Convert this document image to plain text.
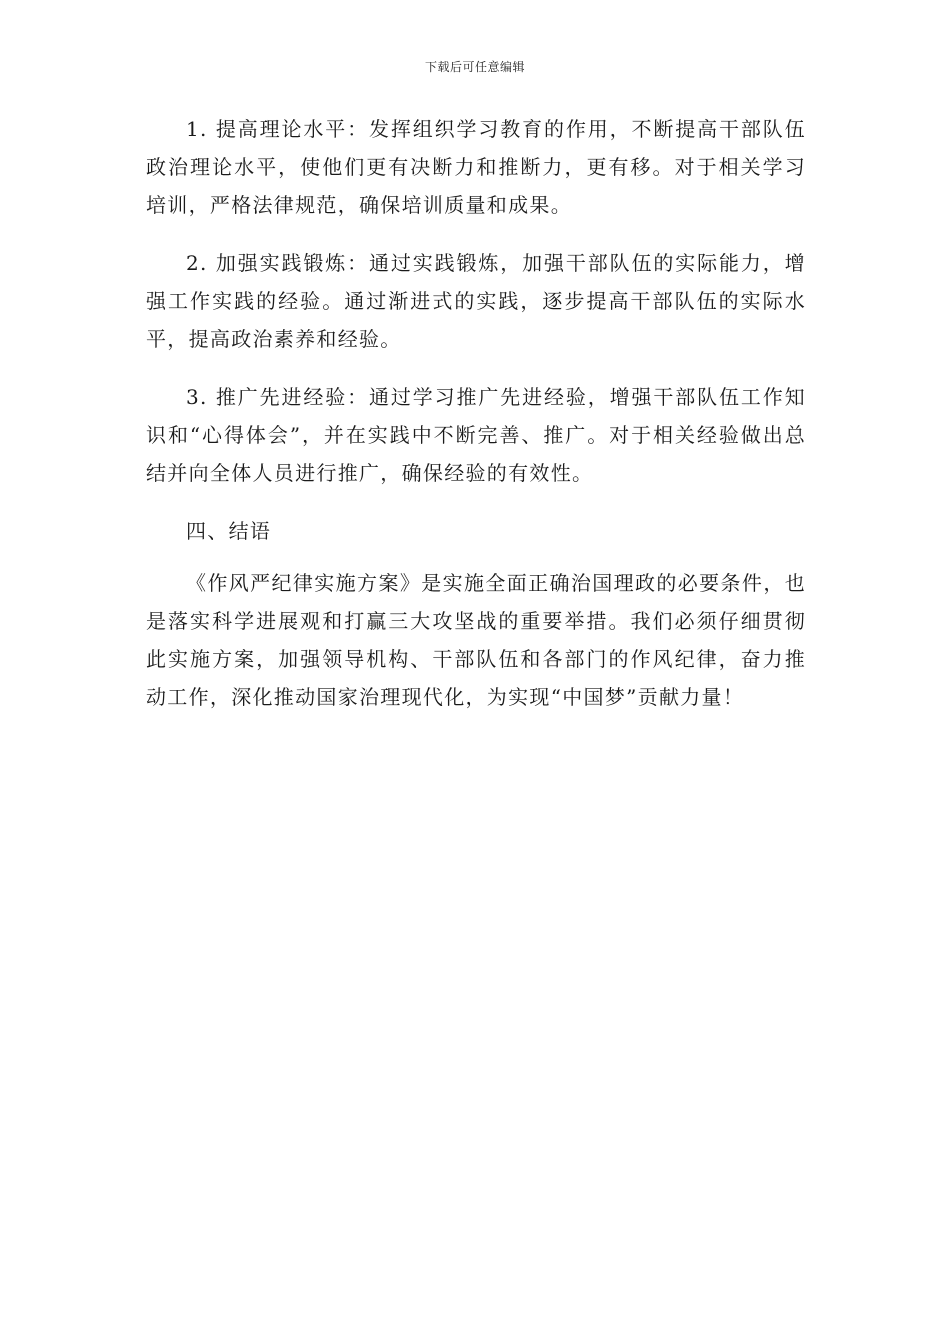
下载后可任意编辑

1. 提高理论水平：发挥组织学习教育的作用，不断提高干部队伍政治理论水平，使他们更有决断力和推断力，更有移。对于相关学习培训，严格法律规范，确保培训质量和成果。

2. 加强实践锻炼：通过实践锻炼，加强干部队伍的实际能力，增强工作实践的经验。通过渐进式的实践，逐步提高干部队伍的实际水平，提高政治素养和经验。

3. 推广先进经验：通过学习推广先进经验，增强干部队伍工作知识和“心得体会”，并在实践中不断完善、推广。对于相关经验做出总结并向全体人员进行推广，确保经验的有效性。

四、结语

《作风严纪律实施方案》是实施全面正确治国理政的必要条件，也是落实科学进展观和打赢三大攻坚战的重要举措。我们必须仔细贯彻此实施方案，加强领导机构、干部队伍和各部门的作风纪律，奋力推动工作，深化推动国家治理现代化，为实现“中国梦”贡献力量！
